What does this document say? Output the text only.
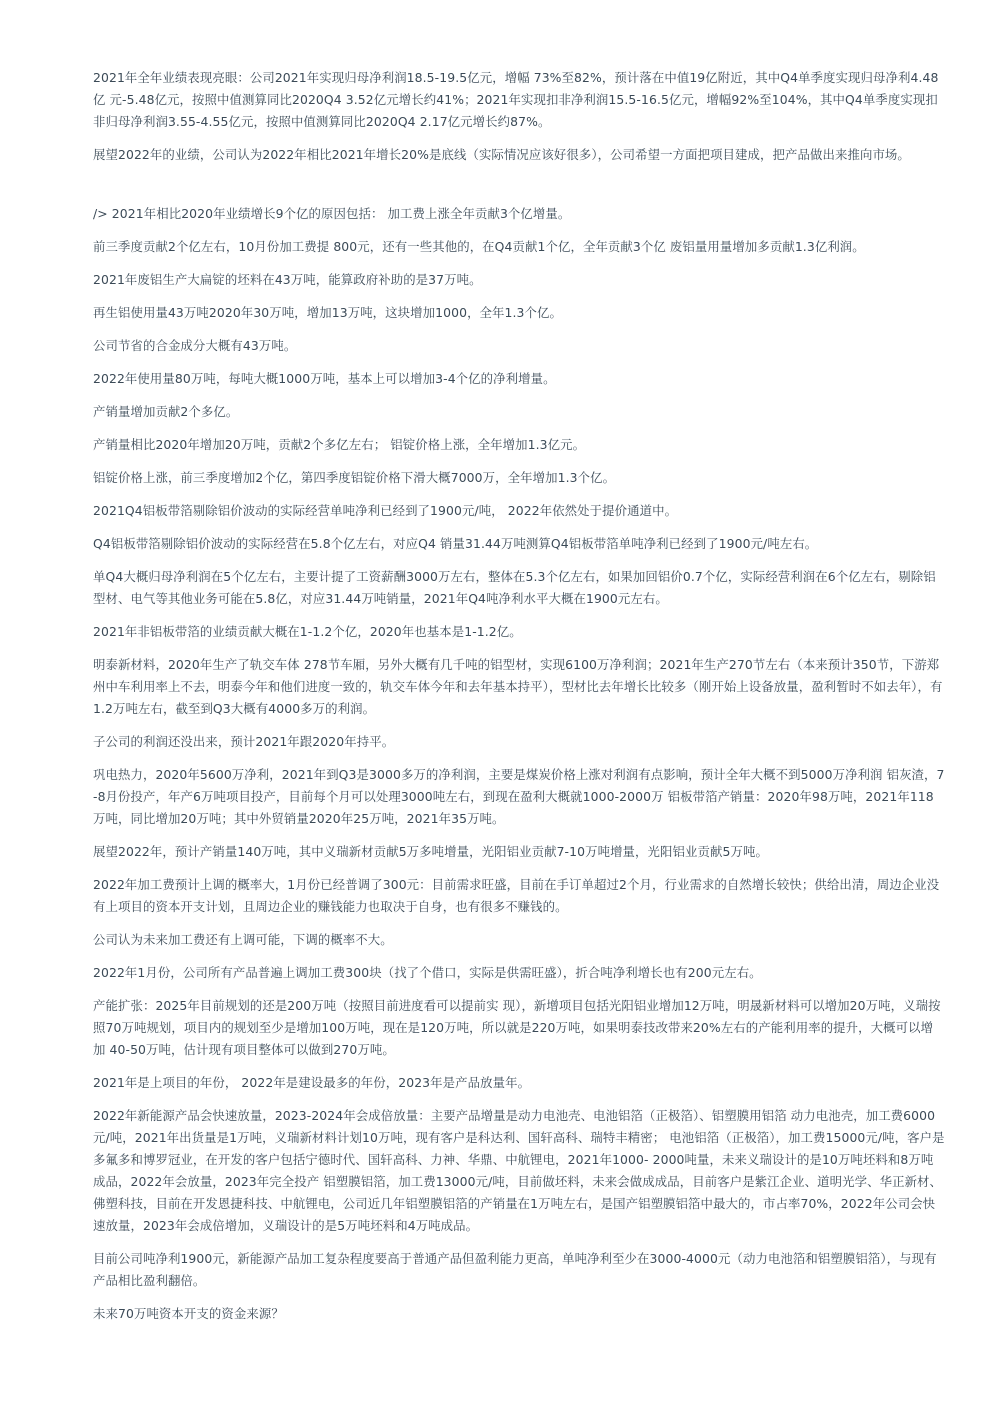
2021年全年业绩表现亮眼：公司2021年实现归母净利润18.5-19.5亿元，增幅 73%至82%，预计落在中值19亿附近，其中Q4单季度实现归母净利4.48亿 元-5.48亿元，按照中值测算同比2020Q4 3.52亿元增长约41%；2021年实现扣非净利润15.5-16.5亿元，增幅92%至104%，其中Q4单季度实现扣非归母净利润3.55-4.55亿元，按照中值测算同比2020Q4 2.17亿元增长约87%。

展望2022年的业绩，公司认为2022年相比2021年增长20%是底线（实际情况应该好很多），公司希望一方面把项目建成，把产品做出来推向市场。

/> 2021年相比2020年业绩增长9个亿的原因包括： 加工费上涨全年贡献3个亿增量。

前三季度贡献2个亿左右，10月份加工费提 800元，还有一些其他的，在Q4贡献1个亿，全年贡献3个亿 废铝量用量增加多贡献1.3亿利润。

2021年废铝生产大扁锭的坯料在43万吨，能算政府补助的是37万吨。

再生铝使用量43万吨2020年30万吨，增加13万吨，这块增加1000，全年1.3个亿。

公司节省的合金成分大概有43万吨。

2022年使用量80万吨，每吨大概1000万吨，基本上可以增加3-4个亿的净利增量。

产销量增加贡献2个多亿。

产销量相比2020年增加20万吨，贡献2个多亿左右； 铝锭价格上涨，全年增加1.3亿元。

铝锭价格上涨，前三季度增加2个亿，第四季度铝锭价格下滑大概7000万，全年增加1.3个亿。

2021Q4铝板带箔剔除铝价波动的实际经营单吨净利已经到了1900元/吨， 2022年依然处于提价通道中。

Q4铝板带箔剔除铝价波动的实际经营在5.8个亿左右，对应Q4 销量31.44万吨测算Q4铝板带箔单吨净利已经到了1900元/吨左右。

单Q4大概归母净利润在5个亿左右，主要计提了工资薪酬3000万左右，整体在5.3个亿左右，如果加回铝价0.7个亿，实际经营利润在6个亿左右，剔除铝型材、电气等其他业务可能在5.8亿，对应31.44万吨销量，2021年Q4吨净利水平大概在1900元左右。

2021年非铝板带箔的业绩贡献大概在1-1.2个亿，2020年也基本是1-1.2亿。

明泰新材料，2020年生产了轨交车体 278节车厢，另外大概有几千吨的铝型材，实现6100万净利润；2021年生产270节左右（本来预计350节，下游郑州中车利用率上不去，明泰今年和他们进度一致的，轨交车体今年和去年基本持平），型材比去年增长比较多（刚开始上设备放量，盈利暂时不如去年），有 1.2万吨左右，截至到Q3大概有4000多万的利润。

子公司的利润还没出来，预计2021年跟2020年持平。

巩电热力，2020年5600万净利，2021年到Q3是3000多万的净利润，主要是煤炭价格上涨对利润有点影响，预计全年大概不到5000万净利润 铝灰渣，7-8月份投产，年产6万吨项目投产，目前每个月可以处理3000吨左右，到现在盈利大概就1000-2000万 铝板带箔产销量：2020年98万吨，2021年118万吨，同比增加20万吨；其中外贸销量2020年25万吨，2021年35万吨。

展望2022年，预计产销量140万吨，其中义瑞新材贡献5万多吨增量，光阳铝业贡献7-10万吨增量，光阳铝业贡献5万吨。

2022年加工费预计上调的概率大，1月份已经普调了300元：目前需求旺盛，目前在手订单超过2个月，行业需求的自然增长较快；供给出清，周边企业没有上项目的资本开支计划，且周边企业的赚钱能力也取决于自身，也有很多不赚钱的。

公司认为未来加工费还有上调可能，下调的概率不大。

2022年1月份，公司所有产品普遍上调加工费300块（找了个借口，实际是供需旺盛），折合吨净利增长也有200元左右。

产能扩张：2025年目前规划的还是200万吨（按照目前进度看可以提前实 现），新增项目包括光阳铝业增加12万吨，明晟新材料可以增加20万吨，义瑞按照70万吨规划，项目内的规划至少是增加100万吨，现在是120万吨，所以就是220万吨，如果明泰技改带来20%左右的产能利用率的提升，大概可以增加 40-50万吨，估计现有项目整体可以做到270万吨。

2021年是上项目的年份， 2022年是建设最多的年份，2023年是产品放量年。

2022年新能源产品会快速放量，2023-2024年会成倍放量：主要产品增量是动力电池壳、电池铝箔（正极箔）、铝塑膜用铝箔 动力电池壳，加工费6000元/吨，2021年出货量是1万吨，义瑞新材料计划10万吨，现有客户是科达利、国轩高科、瑞特丰精密； 电池铝箔（正极箔），加工费15000元/吨，客户是多氟多和博罗冠业，在开发的客户包括宁德时代、国轩高科、力神、华鼎、中航锂电，2021年1000- 2000吨量，未来义瑞设计的是10万吨坯料和8万吨成品，2022年会放量，2023年完全投产 铝塑膜铝箔，加工费13000元/吨，目前做坯料，未来会做成成品，目前客户是紫江企业、道明光学、华正新材、佛塑科技，目前在开发恩捷科技、中航锂电，公司近几年铝塑膜铝箔的产销量在1万吨左右，是国产铝塑膜铝箔中最大的，市占率70%，2022年公司会快速放量，2023年会成倍增加，义瑞设计的是5万吨坯料和4万吨成品。

目前公司吨净利1900元，新能源产品加工复杂程度要高于普通产品但盈利能力更高，单吨净利至少在3000-4000元（动力电池箔和铝塑膜铝箔），与现有产品相比盈利翻倍。

未来70万吨资本开支的资金来源？
